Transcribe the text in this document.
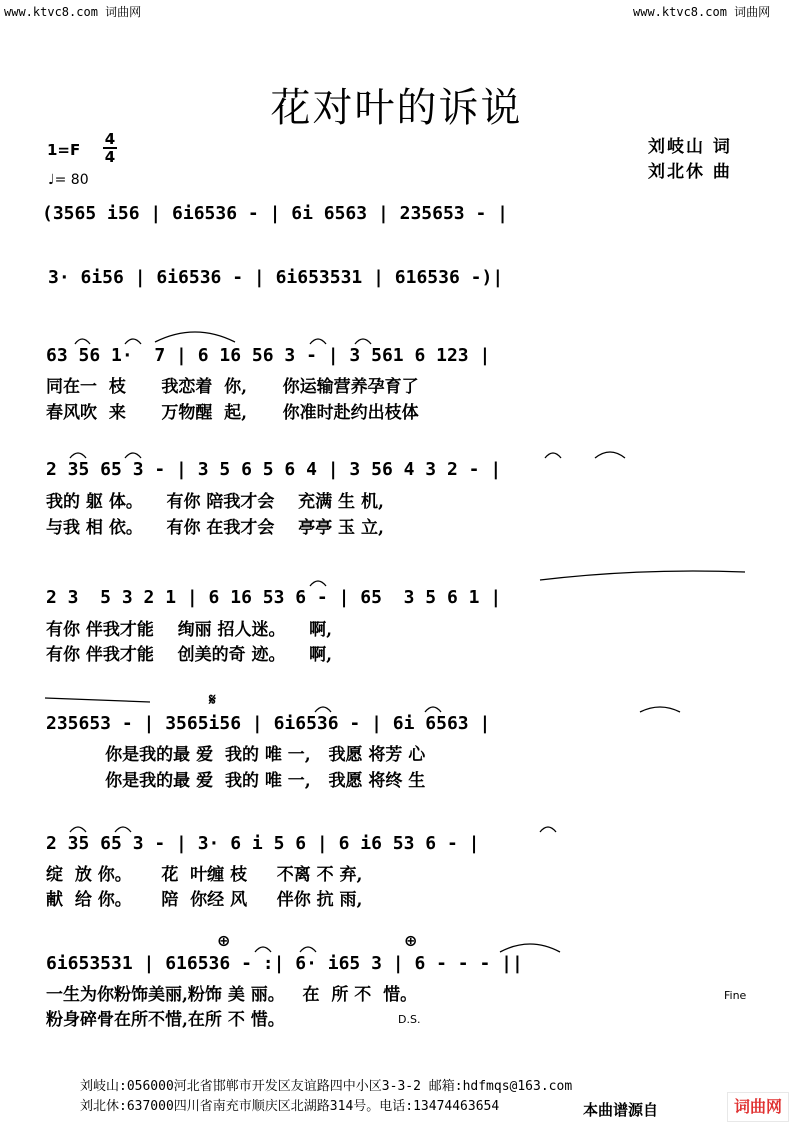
www.ktvc8.com 词曲网	www.ktvc8.com 词曲网
花对叶的诉说
1=F
4
4
♩= 80
刘岐山 词
刘北休 曲
(3565 i56 | 6i6536 - | 6i 6563 | 235653 - |
3· 6i56 | 6i6536 - | 6i653531 | 616536 -)|
63 56 1·  7 | 6 16 56 3 - | 3 561 6 123 |
同在一  枝      我恋着  你,      你运输营养孕育了
春风吹  来      万物醒  起,      你准时赴约出枝体
2 35 65 3 - | 3 5 6 5 6 4 | 3 56 4 3 2 - |
我的 躯 体。    有你 陪我才会    充满 生 机,
与我 相 依。    有你 在我才会    亭亭 玉 立,
2 3  5 3 2 1 | 6 16 53 6 - | 65  3 5 6 1 |
有你 伴我才能    绚丽 招人迷。    啊,
有你 伴我才能    创美的奇 迹。    啊,
235653 - | 3565i56 | 6i6536 - | 6i 6563 |
你是我的最 爱  我的 唯 一,   我愿 将芳 心
你是我的最 爱  我的 唯 一,   我愿 将终 生
𝄋
2 35 65 3 - | 3· 6 i 5 6 | 6 i6 53 6 - |
绽  放 你。     花  叶缠 枝     不离 不 弃,
献  给 你。     陪  你经 风     伴你 抗 雨,
6i653531 | 616536 - :| 6· i65 3 | 6 - - - ||
一生为你粉饰美丽,粉饰 美 丽。   在  所 不  惜。
粉身碎骨在所不惜,在所 不 惜。
⊕	⊕
Fine
D.S.
刘岐山:056000河北省邯郸市开发区友谊路四中小区3-3-2 邮箱:hdfmqs@163.com
刘北休:637000四川省南充市顺庆区北湖路314号。电话:13474463654	本曲谱源自	词曲网
